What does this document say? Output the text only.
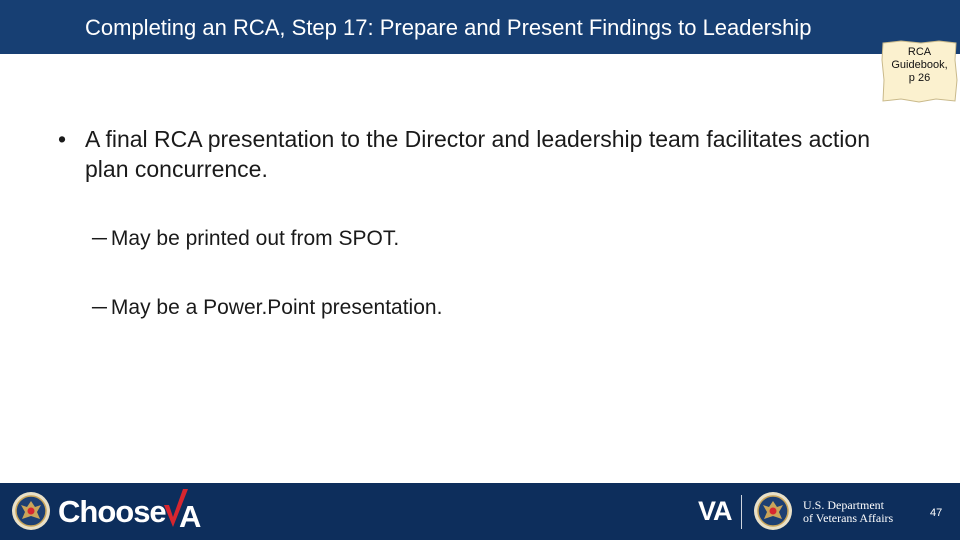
Completing an RCA, Step 17: Prepare and Present Findings to Leadership
RCA
Guidebook,
p 26
• A final RCA presentation to the Director and leadership team facilitates action plan concurrence.
─ May be printed out from SPOT.
─ May be a Power.Point presentation.
Choose A	VA	U.S. Department
of Veterans Affairs	47
